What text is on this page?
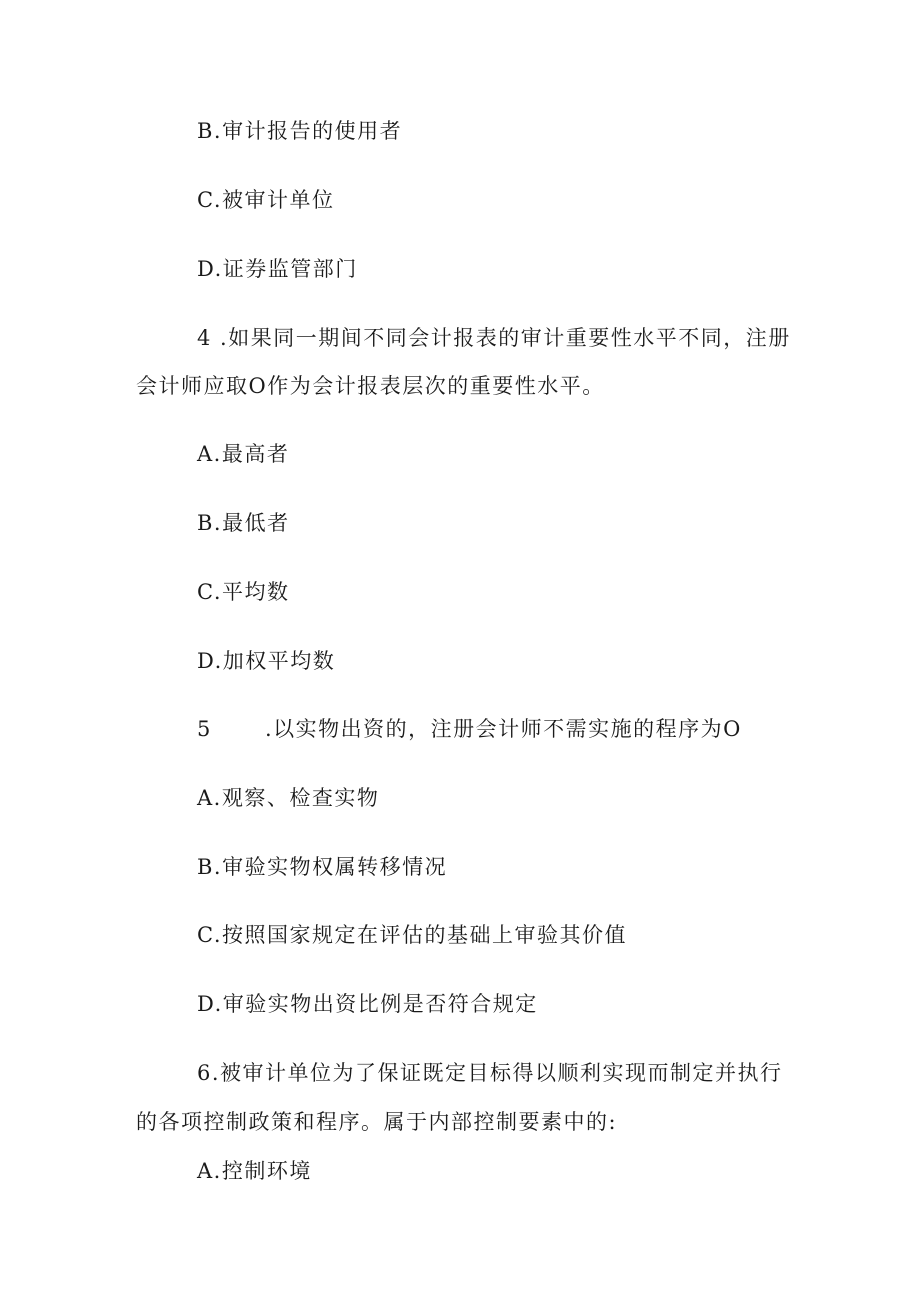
B.审计报告的使用者
C.被审计单位
D.证券监管部门
4 .如果同一期间不同会计报表的审计重要性水平不同，注册
会计师应取O作为会计报表层次的重要性水平。
A.最高者
B.最低者
C.平均数
D.加权平均数
5	.以实物出资的，注册会计师不需实施的程序为O
A.观察、检查实物
B.审验实物权属转移情况
C.按照国家规定在评估的基础上审验其价值
D.审验实物出资比例是否符合规定
6.被审计单位为了保证既定目标得以顺利实现而制定并执行
的各项控制政策和程序。属于内部控制要素中的:
A.控制环境
